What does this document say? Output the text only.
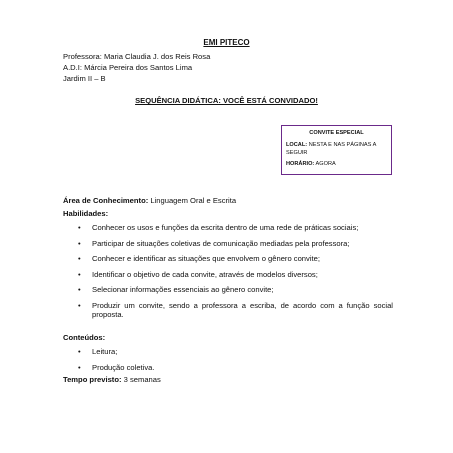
EMI PITECO
Professora: Maria Claudia J. dos Reis Rosa
A.D.I: Márcia Pereira dos Santos Lima
Jardim II – B
SEQUÊNCIA DIDÁTICA: VOCÊ ESTÁ CONVIDADO!
CONVITE ESPECIAL
LOCAL: NESTA E NAS PÁGINAS A SEGUIR
HORÁRIO: AGORA
Área de Conhecimento: Linguagem Oral e Escrita
Habilidades:
• Conhecer os usos e funções da escrita dentro de uma rede de práticas sociais;
• Participar de situações coletivas de comunicação mediadas pela professora;
• Conhecer e identificar as situações que envolvem o gênero convite;
• Identificar o objetivo de cada convite, através de modelos diversos;
• Selecionar informações essenciais ao gênero convite;
• Produzir um convite, sendo a professora a escriba, de acordo com a função social proposta.
Conteúdos:
• Leitura;
• Produção coletiva.
Tempo previsto: 3 semanas
